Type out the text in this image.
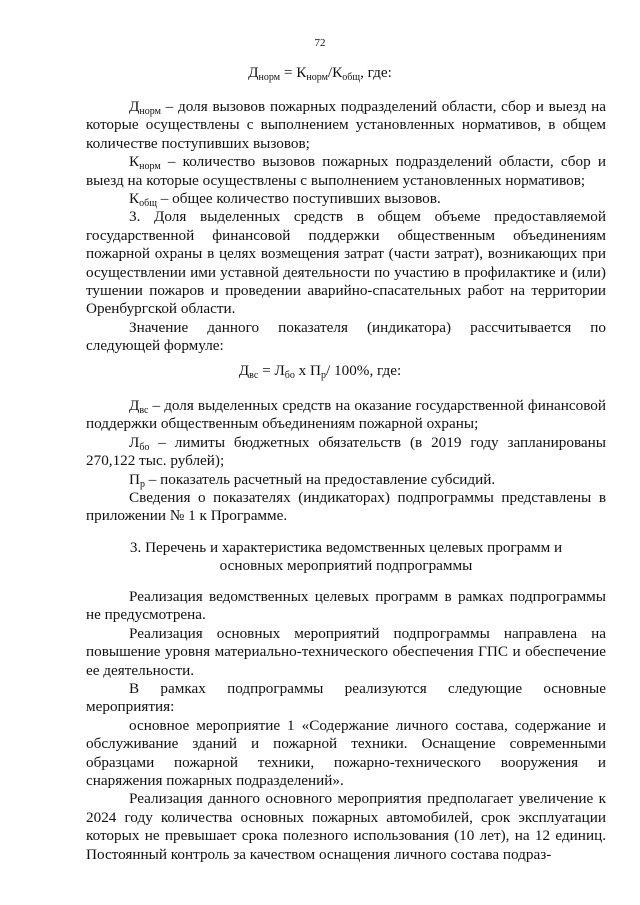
72
$Д_{норм} = К_{норм}/К_{общ}$, где:

$Д_{норм}$ – доля вызовов пожарных подразделений области, сбор и выезд на которые осуществлены с выполнением установленных нормативов, в общем количестве поступивших вызовов;

$К_{норм}$ – количество вызовов пожарных подразделений области, сбор и выезд на которые осуществлены с выполнением установленных нормативов;

$К_{общ}$ – общее количество поступивших вызовов.

3. Доля выделенных средств в общем объеме предоставляемой государственной финансовой поддержки общественным объединениям пожарной охраны в целях возмещения затрат (части затрат), возникающих при осуществлении ими уставной деятельности по участию в профилактике и (или) тушении пожаров и проведении аварийно-спасательных работ на территории Оренбургской области.

Значение данного показателя (индикатора) рассчитывается по следующей формуле:

$Д_{вс} = Л_{бо}$ х $П_р/$ 100%, где:

$Д_{вс}$ – доля выделенных средств на оказание государственной финансовой поддержки общественным объединениям пожарной охраны;

$Л_{бо}$ – лимиты бюджетных обязательств (в 2019 году запланированы 270,122 тыс. рублей);

$П_р$ – показатель расчетный на предоставление субсидий.

Сведения о показателях (индикаторах) подпрограммы представлены в приложении № 1 к Программе.

3. Перечень и характеристика ведомственных целевых программ и
основных мероприятий подпрограммы

Реализация ведомственных целевых программ в рамках подпрограммы не предусмотрена.

Реализация основных мероприятий подпрограммы направлена на повышение уровня материально-технического обеспечения ГПС и обеспечение ее деятельности.

В рамках подпрограммы реализуются следующие основные мероприятия:

основное мероприятие 1 «Содержание личного состава, содержание и обслуживание зданий и пожарной техники. Оснащение современными образцами пожарной техники, пожарно-технического вооружения и снаряжения пожарных подразделений».

Реализация данного основного мероприятия предполагает увеличение к 2024 году количества основных пожарных автомобилей, срок эксплуатации которых не превышает срока полезного использования (10 лет), на 12 единиц. Постоянный контроль за качеством оснащения личного состава подраз-
